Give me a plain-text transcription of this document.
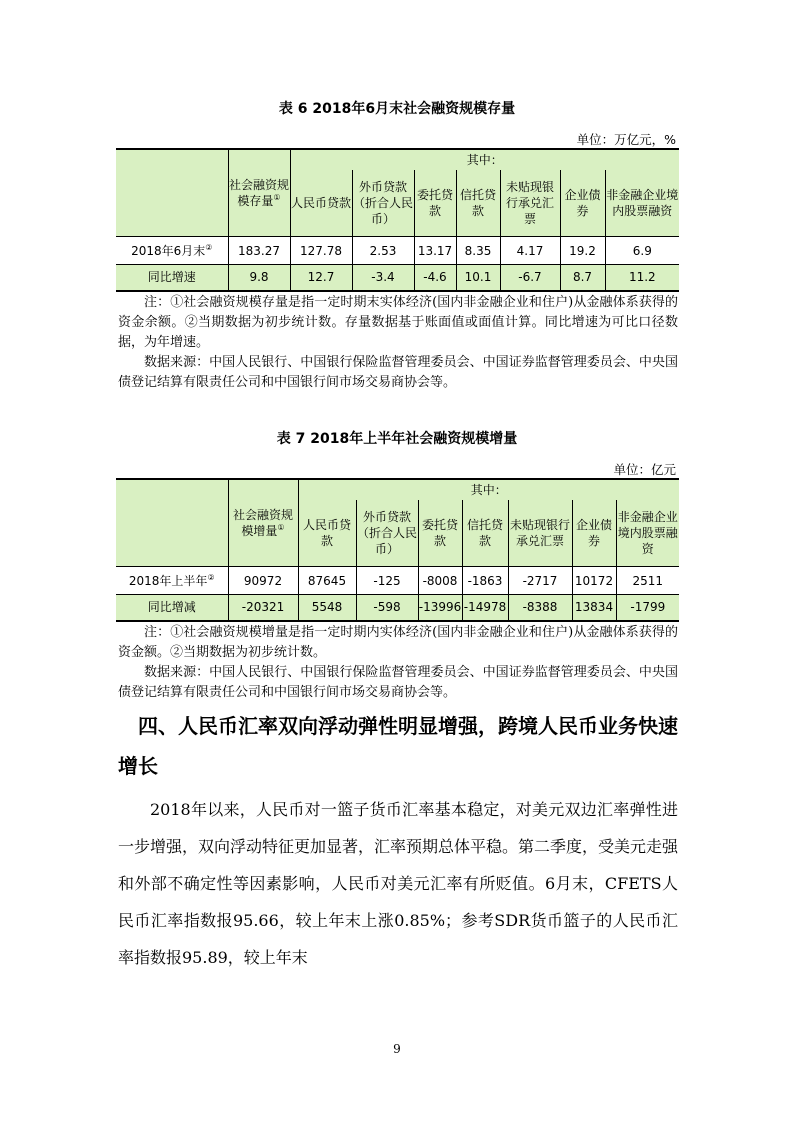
表 6 2018年6月末社会融资规模存量
单位：万亿元，%
	社会融资规模存量①	其中：						
		人民币贷款	外币贷款（折合人民币）	委托贷款	信托贷款	未贴现银行承兑汇票	企业债券	非金融企业境内股票融资
2018年6月末②	183.27	127.78	2.53	13.17	8.35	4.17	19.2	6.9
同比增速	9.8	12.7	-3.4	-4.6	10.1	-6.7	8.7	11.2
注：①社会融资规模存量是指一定时期末实体经济(国内非金融企业和住户)从金融体系获得的资金余额。②当期数据为初步统计数。存量数据基于账面值或面值计算。同比增速为可比口径数据，为年增速。
数据来源：中国人民银行、中国银行保险监督管理委员会、中国证券监督管理委员会、中央国债登记结算有限责任公司和中国银行间市场交易商协会等。
表 7 2018年上半年社会融资规模增量
单位：亿元
	社会融资规模增量①	其中：						
		人民币贷款	外币贷款（折合人民币）	委托贷款	信托贷款	未贴现银行承兑汇票	企业债券	非金融企业境内股票融资
2018年上半年②	90972	87645	-125	-8008	-1863	-2717	10172	2511
同比增减	-20321	5548	-598	-13996	-14978	-8388	13834	-1799
注：①社会融资规模增量是指一定时期内实体经济(国内非金融企业和住户)从金融体系获得的资金额。②当期数据为初步统计数。
数据来源：中国人民银行、中国银行保险监督管理委员会、中国证券监督管理委员会、中央国债登记结算有限责任公司和中国银行间市场交易商协会等。
四、人民币汇率双向浮动弹性明显增强，跨境人民币业务快速增长
2018年以来，人民币对一篮子货币汇率基本稳定，对美元双边汇率弹性进一步增强，双向浮动特征更加显著，汇率预期总体平稳。第二季度，受美元走强和外部不确定性等因素影响，人民币对美元汇率有所贬值。6月末，CFETS人民币汇率指数报95.66，较上年末上涨0.85%；参考SDR货币篮子的人民币汇率指数报95.89，较上年末
9
